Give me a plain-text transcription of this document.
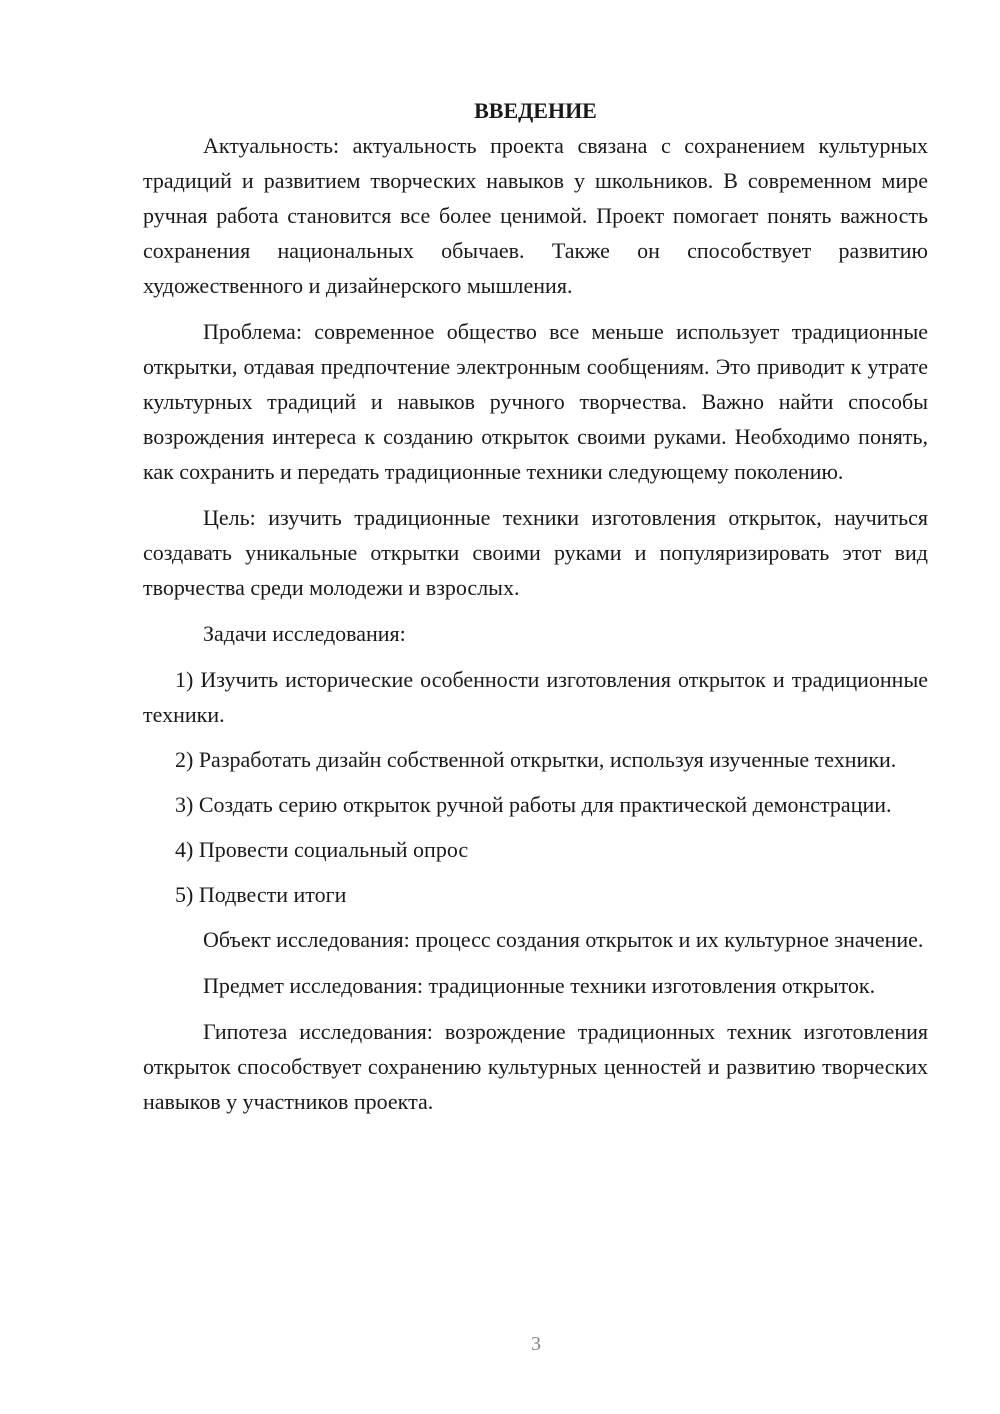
ВВЕДЕНИЕ

Актуальность: актуальность проекта связана с сохранением культурных традиций и развитием творческих навыков у школьников. В современном мире ручная работа становится все более ценимой. Проект помогает понять важность сохранения национальных обычаев. Также он способствует развитию художественного и дизайнерского мышления.

Проблема: современное общество все меньше использует традиционные открытки, отдавая предпочтение электронным сообщениям. Это приводит к утрате культурных традиций и навыков ручного творчества. Важно найти способы возрождения интереса к созданию открыток своими руками. Необходимо понять, как сохранить и передать традиционные техники следующему поколению.

Цель: изучить традиционные техники изготовления открыток, научиться создавать уникальные открытки своими руками и популяризировать этот вид творчества среди молодежи и взрослых.

Задачи исследования:

1) Изучить исторические особенности изготовления открыток и традиционные техники.

2) Разработать дизайн собственной открытки, используя изученные техники.

3) Создать серию открыток ручной работы для практической демонстрации.

4) Провести социальный опрос

5) Подвести итоги

Объект исследования: процесс создания открыток и их культурное значение.

Предмет исследования: традиционные техники изготовления открыток.

Гипотеза исследования: возрождение традиционных техник изготовления открыток способствует сохранению культурных ценностей и развитию творческих навыков у участников проекта.

3
